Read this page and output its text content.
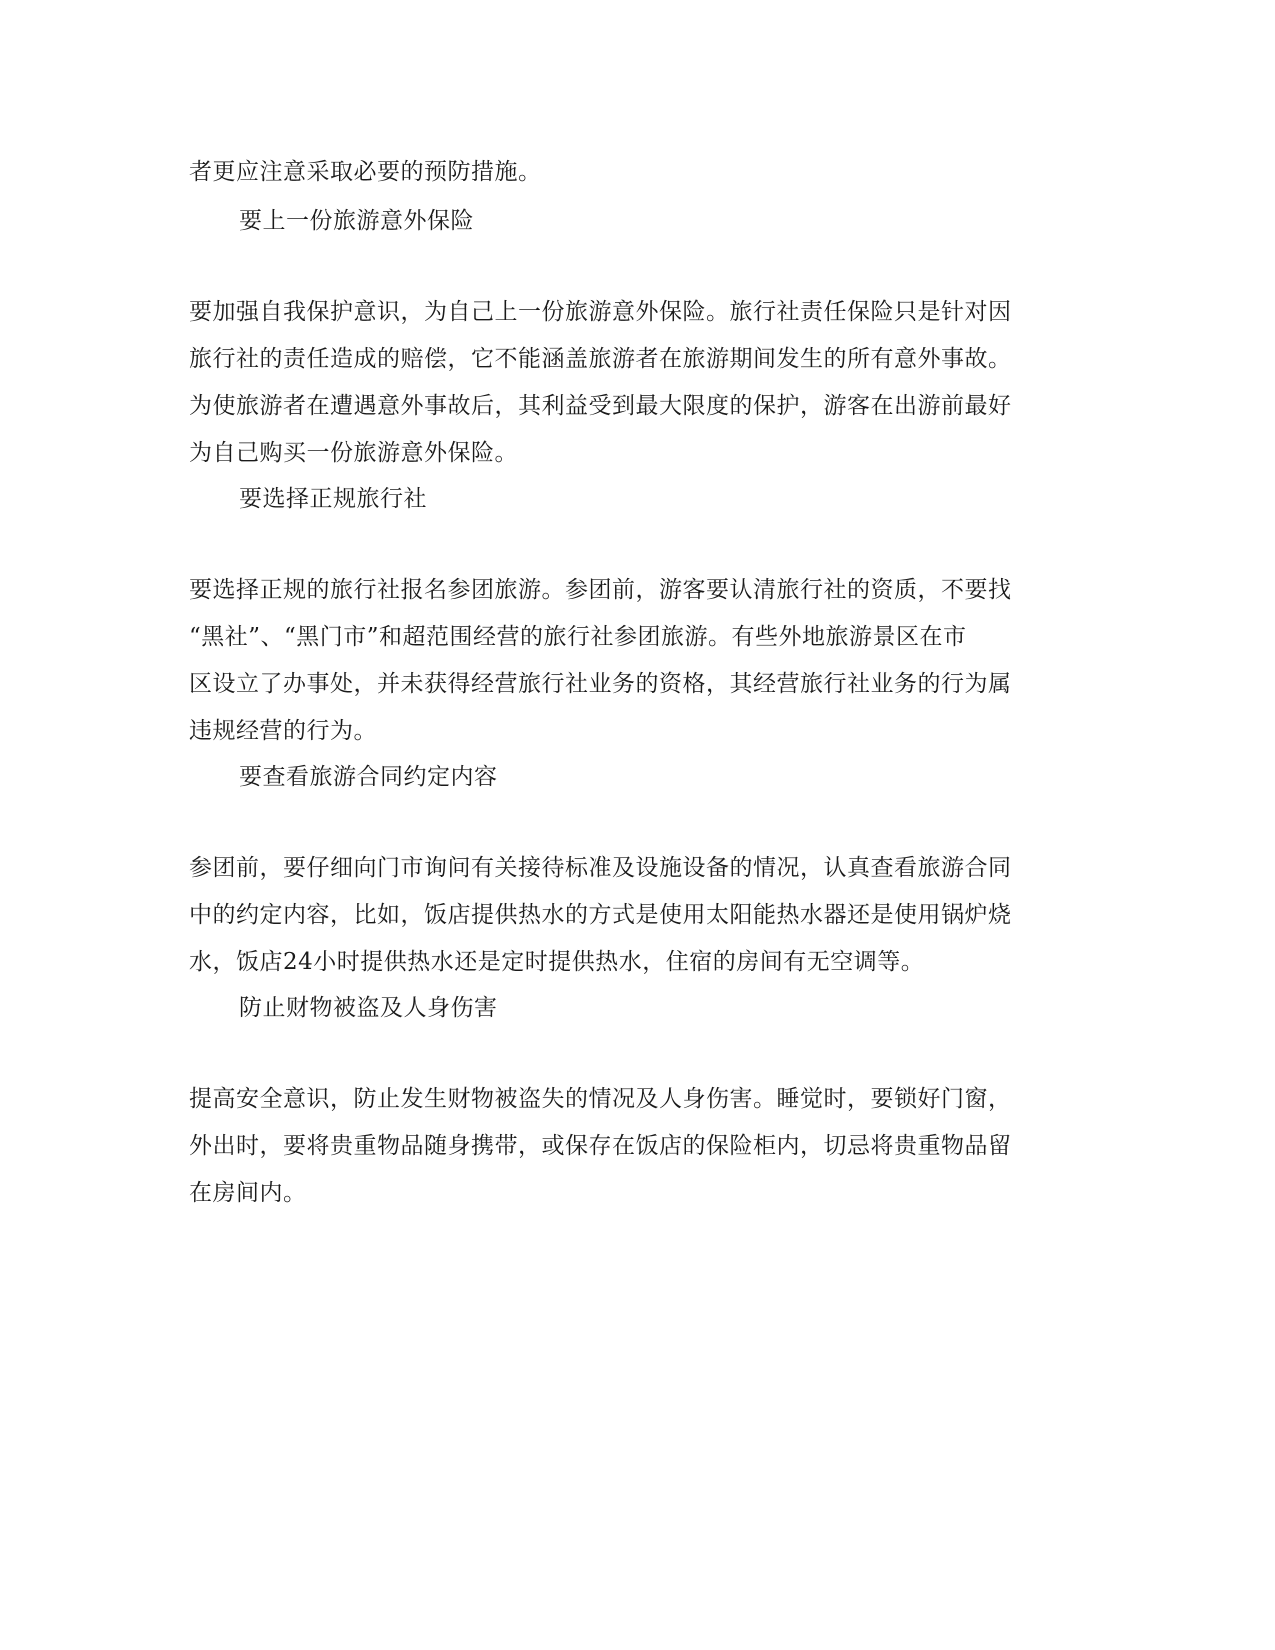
者更应注意采取必要的预防措施。
要上一份旅游意外保险
要加强自我保护意识，为自己上一份旅游意外保险。旅行社责任保险只是针对因
旅行社的责任造成的赔偿，它不能涵盖旅游者在旅游期间发生的所有意外事故。
为使旅游者在遭遇意外事故后，其利益受到最大限度的保护，游客在出游前最好
为自己购买一份旅游意外保险。
要选择正规旅行社
要选择正规的旅行社报名参团旅游。参团前，游客要认清旅行社的资质，不要找
“黑社”、“黑门市”和超范围经营的旅行社参团旅游。有些外地旅游景区在市
区设立了办事处，并未获得经营旅行社业务的资格，其经营旅行社业务的行为属
违规经营的行为。
要查看旅游合同约定内容
参团前，要仔细向门市询问有关接待标准及设施设备的情况，认真查看旅游合同
中的约定内容，比如，饭店提供热水的方式是使用太阳能热水器还是使用锅炉烧
水，饭店24小时提供热水还是定时提供热水，住宿的房间有无空调等。
防止财物被盗及人身伤害
提高安全意识，防止发生财物被盗失的情况及人身伤害。睡觉时，要锁好门窗，
外出时，要将贵重物品随身携带，或保存在饭店的保险柜内，切忌将贵重物品留
在房间内。
